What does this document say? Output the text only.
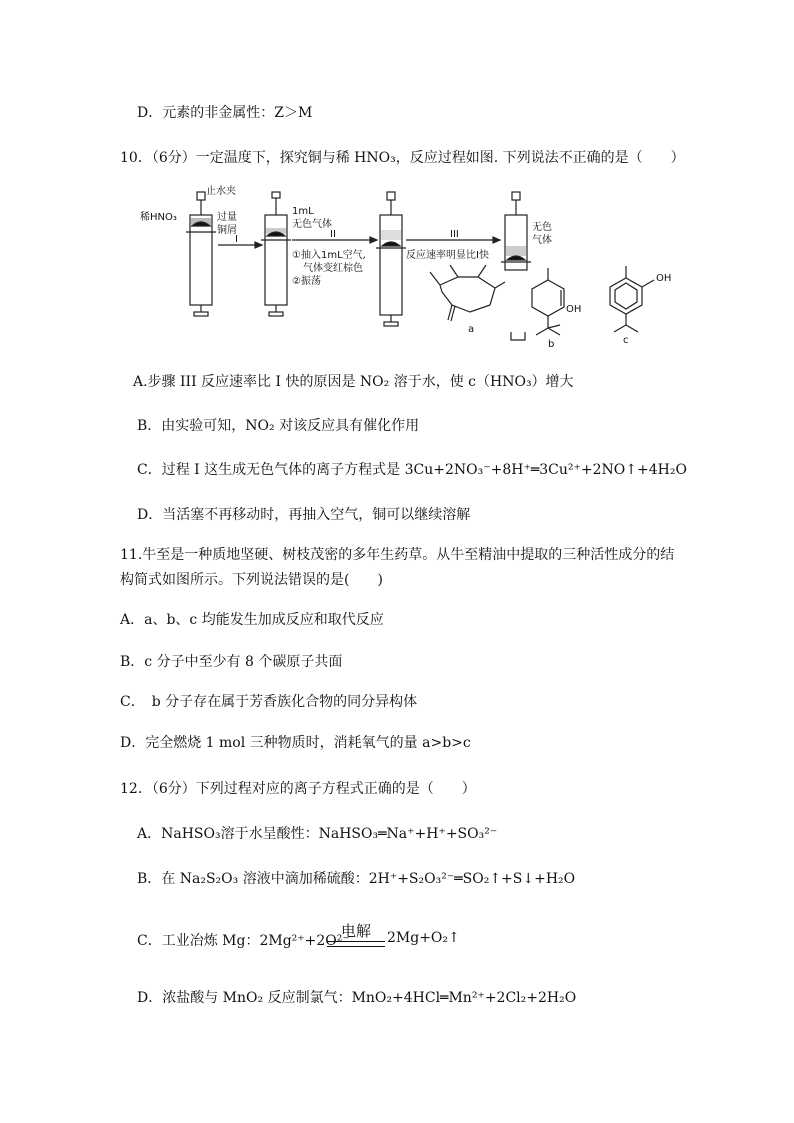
D．元素的非金属性：Z＞M
10．（6分）一定温度下，探究铜与稀 HNO₃，反应过程如图. 下列说法不正确的是（　　）
稀HNO₃
止水夹
过量
铜屑
I
1mL
无色气体
II
①抽入1mL空气,
气体变红棕色
②振荡
III
反应速率明显比I快
无色
气体
a
b	c
OH
OH
A.步骤 III 反应速率比 I 快的原因是 NO₂ 溶于水，使 c（HNO₃）增大
B．由实验可知，NO₂ 对该反应具有催化作用
C．过程 I 这生成无色气体的离子方程式是 3Cu+2NO₃⁻+8H⁺═3Cu²⁺+2NO↑+4H₂O
D．当活塞不再移动时，再抽入空气，铜可以继续溶解
11.牛至是一种质地坚硬、树枝茂密的多年生药草。从牛至精油中提取的三种活性成分的结
构简式如图所示。下列说法错误的是(　　)
A．a、b、c 均能发生加成反应和取代反应
B．c 分子中至少有 8 个碳原子共面
C．　b 分子存在属于芳香族化合物的同分异构体
D．完全燃烧 1 mol 三种物质时，消耗氧气的量 a>b>c
12．（6分）下列过程对应的离子方程式正确的是（　　）
A．NaHSO₃溶于水呈酸性：NaHSO₃═Na⁺+H⁺+SO₃²⁻
B．在 Na₂S₂O₃ 溶液中滴加稀硫酸：2H⁺+S₂O₃²⁻═SO₂↑+S↓+H₂O
C．工业冶炼 Mg：2Mg²⁺+2O²⁻
电解	2Mg+O₂↑
D．浓盐酸与 MnO₂ 反应制氯气：MnO₂+4HCl═Mn²⁺+2Cl₂+2H₂O
